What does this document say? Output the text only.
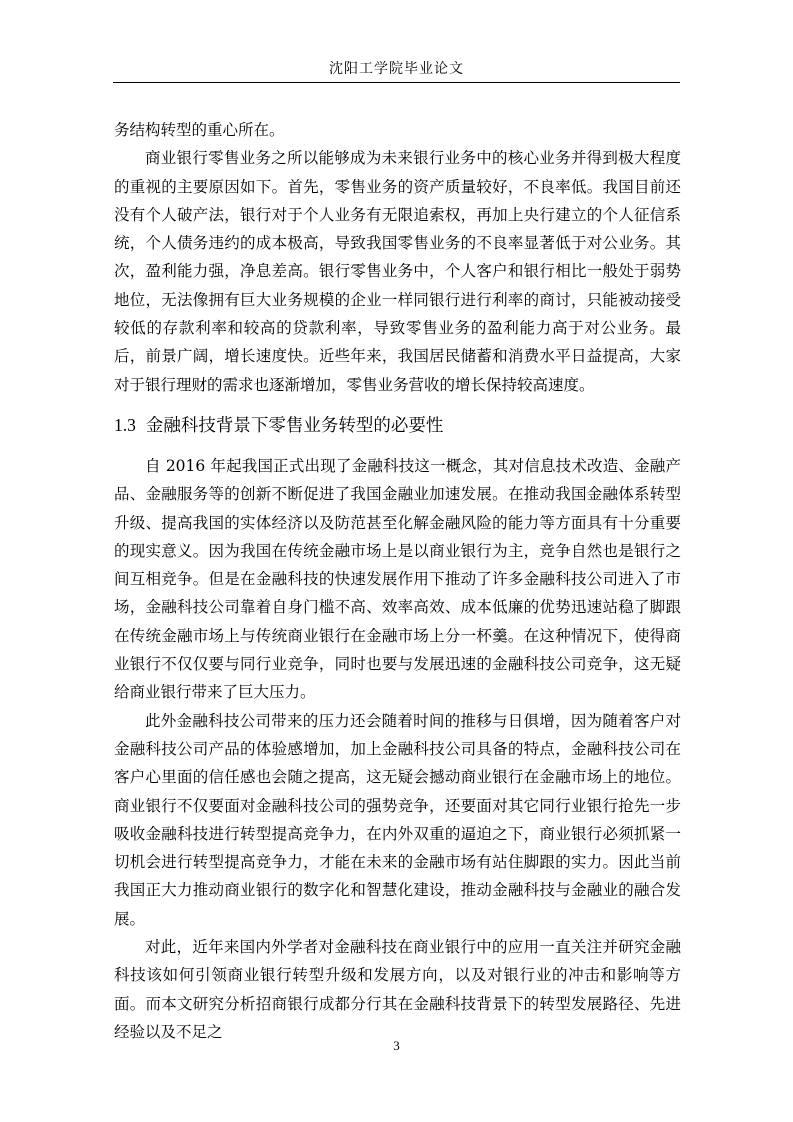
沈阳工学院毕业论文

务结构转型的重心所在。

商业银行零售业务之所以能够成为未来银行业务中的核心业务并得到极大程度的重视的主要原因如下。首先，零售业务的资产质量较好，不良率低。我国目前还没有个人破产法，银行对于个人业务有无限追索权，再加上央行建立的个人征信系统，个人债务违约的成本极高，导致我国零售业务的不良率显著低于对公业务。其次，盈利能力强，净息差高。银行零售业务中，个人客户和银行相比一般处于弱势地位，无法像拥有巨大业务规模的企业一样同银行进行利率的商讨，只能被动接受较低的存款利率和较高的贷款利率，导致零售业务的盈利能力高于对公业务。最后，前景广阔，增长速度快。近些年来，我国居民储蓄和消费水平日益提高，大家对于银行理财的需求也逐渐增加，零售业务营收的增长保持较高速度。

1.3 金融科技背景下零售业务转型的必要性

自 2016 年起我国正式出现了金融科技这一概念，其对信息技术改造、金融产品、金融服务等的创新不断促进了我国金融业加速发展。在推动我国金融体系转型升级、提高我国的实体经济以及防范甚至化解金融风险的能力等方面具有十分重要的现实意义。因为我国在传统金融市场上是以商业银行为主，竞争自然也是银行之间互相竞争。但是在金融科技的快速发展作用下推动了许多金融科技公司进入了市场，金融科技公司靠着自身门槛不高、效率高效、成本低廉的优势迅速站稳了脚跟在传统金融市场上与传统商业银行在金融市场上分一杯羹。在这种情况下，使得商业银行不仅仅要与同行业竞争，同时也要与发展迅速的金融科技公司竞争，这无疑给商业银行带来了巨大压力。

此外金融科技公司带来的压力还会随着时间的推移与日俱增，因为随着客户对金融科技公司产品的体验感增加，加上金融科技公司具备的特点，金融科技公司在客户心里面的信任感也会随之提高，这无疑会撼动商业银行在金融市场上的地位。商业银行不仅要面对金融科技公司的强势竞争，还要面对其它同行业银行抢先一步吸收金融科技进行转型提高竞争力，在内外双重的逼迫之下，商业银行必须抓紧一切机会进行转型提高竞争力，才能在未来的金融市场有站住脚跟的实力。因此当前我国正大力推动商业银行的数字化和智慧化建设，推动金融科技与金融业的融合发展。

对此，近年来国内外学者对金融科技在商业银行中的应用一直关注并研究金融科技该如何引领商业银行转型升级和发展方向，以及对银行业的冲击和影响等方面。而本文研究分析招商银行成都分行其在金融科技背景下的转型发展路径、先进经验以及不足之

3
